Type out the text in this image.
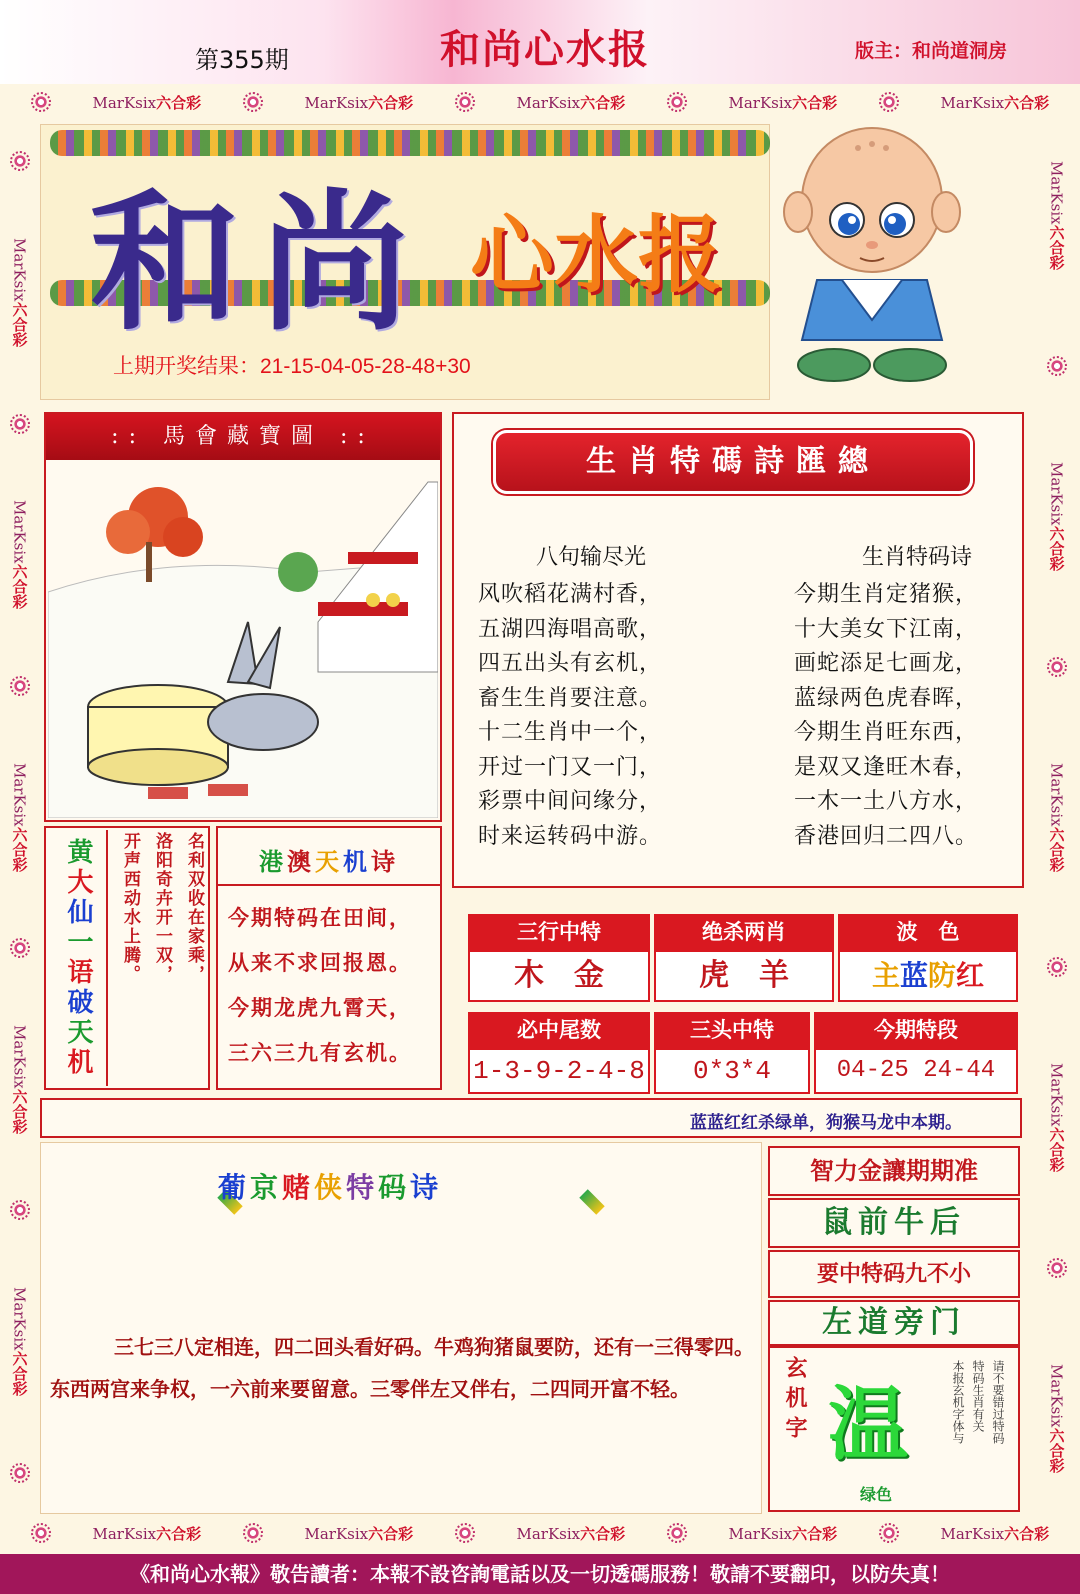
第355期	和尚心水报	版主：和尚道洞房
MarKsix六合彩	MarKsix六合彩	MarKsix六合彩	MarKsix六合彩	MarKsix六合彩
MarKsix六合彩	MarKsix六合彩	MarKsix六合彩	MarKsix六合彩	MarKsix六合彩
MarKsix六合彩
MarKsix六合彩
MarKsix六合彩
MarKsix六合彩
MarKsix六合彩
MarKsix六合彩
MarKsix六合彩
MarKsix六合彩
MarKsix六合彩
MarKsix六合彩
和尚 心水报
上期开奖结果：21-15-04-05-28-48+30
:: 馬會藏寶圖 ::
生肖特碼詩匯總
八句输尽光	生肖特码诗
风吹稻花满村香，
五湖四海唱高歌，
四五出头有玄机，
畜生生肖要注意。
十二生肖中一个，
开过一门又一门，
彩票中间问缘分，
时来运转码中游。
今期生肖定猪猴，
十大美女下江南，
画蛇添足七画龙，
蓝绿两色虎春晖，
今期生肖旺东西，
是双又逢旺木春，
一木一土八方水，
香港回归二四八。
黄大仙一语破天机
名利双收在家乘，
洛阳奇卉开一双，
开声西动水上腾。	港澳天机诗
今期特码在田间，
从来不求回报恩。
今期龙虎九霄天，
三六三九有玄机。
三行中特	绝杀两肖	波　色
木　金	虎　羊	主蓝防红
必中尾数	三头中特	今期特段
1-3-9-2-4-8	0*3*4	04-25 24-44
蓝蓝红红杀绿单，狗猴马龙中本期。
葡京赌侠特码诗
三七三八定相连，四二回头看好码。牛鸡狗猪鼠要防，还有一三得零四。东西两宫来争权，一六前来要留意。三零伴左又伴右，二四同开富不轻。
智力金讓期期准
鼠前牛后
要中特码九不小
左道旁门
玄机字 温
绿色
本报玄机字体与 特码生肖有关 请不要错过特码
《和尚心水報》敬告讀者：本報不設咨詢電話以及一切透碼服務！敬請不要翻印，以防失真！
